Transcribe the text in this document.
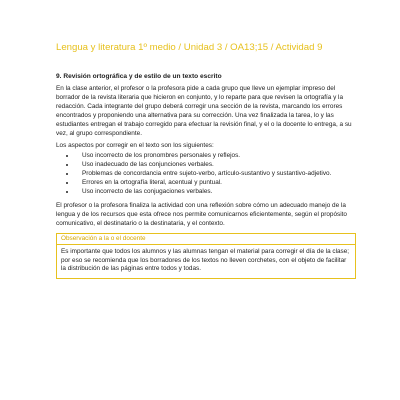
Lengua y literatura 1º medio / Unidad 3 / OA13;15 / Actividad 9
9. Revisión ortográfica y de estilo de un texto escrito

En la clase anterior, el profesor o la profesora pide a cada grupo que lleve un ejemplar impreso del borrador de la revista literaria que hicieron en conjunto, y lo reparte para que revisen la ortografía y la redacción. Cada integrante del grupo deberá corregir una sección de la revista, marcando los errores encontrados y proponiendo una alternativa para su corrección. Una vez finalizada la tarea, lo y las estudiantes entregan el trabajo corregido para efectuar la revisión final, y el o la docente lo entrega, a su vez, al grupo correspondiente.

Los aspectos por corregir en el texto son los siguientes:

• Uso incorrecto de los pronombres personales y reflejos.
• Uso inadecuado de las conjunciones verbales.
• Problemas de concordancia entre sujeto-verbo, artículo-sustantivo y sustantivo-adjetivo.
• Errores en la ortografía literal, acentual y puntual.
• Uso incorrecto de las conjugaciones verbales.

El profesor o la profesora finaliza la actividad con una reflexión sobre cómo un adecuado manejo de la lengua y de los recursos que esta ofrece nos permite comunicarnos eficientemente, según el propósito comunicativo, el destinatario o la destinataria, y el contexto.

Observación a la o el docente
Es importante que todos los alumnos y las alumnas tengan el material para corregir el día de la clase; por eso se recomienda que los borradores de los textos no lleven corchetes, con el objeto de facilitar la distribución de las páginas entre todos y todas.
